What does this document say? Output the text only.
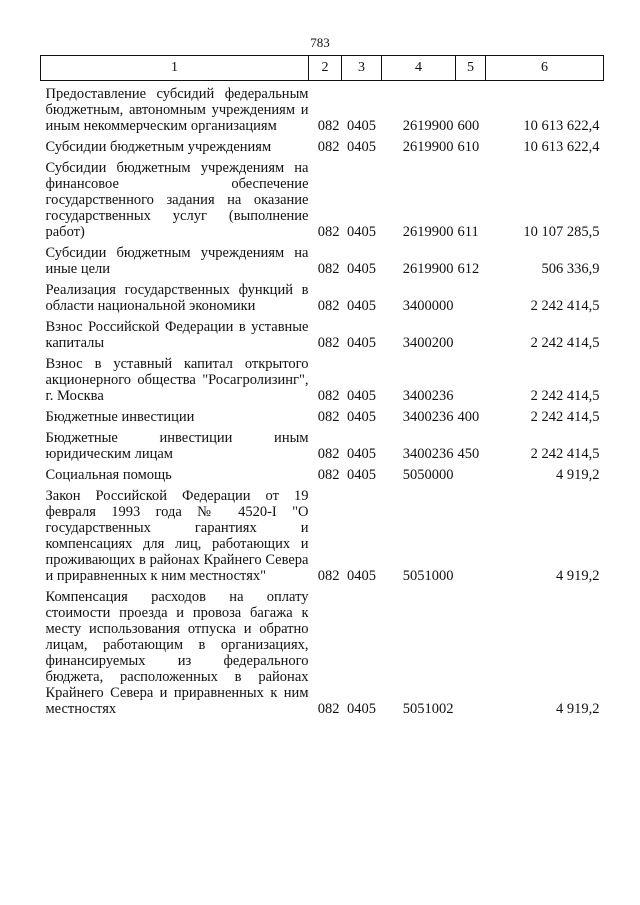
783
1	2	3	4	5	6

Предоставление субсидий федеральным бюджетным, автономным учреждениям и иным некоммерческим организациям	082	0405	2619900	600	10 613 622,4

Субсидии бюджетным учреждениям	082	0405	2619900	610	10 613 622,4

Субсидии бюджетным учреждениям на финансовое обеспечение государственного задания на оказание государственных услуг (выполнение работ)	082	0405	2619900	611	10 107 285,5

Субсидии бюджетным учреждениям на иные цели	082	0405	2619900	612	506 336,9

Реализация государственных функций в области национальной экономики	082	0405	3400000		2 242 414,5

Взнос Российской Федерации в уставные капиталы	082	0405	3400200		2 242 414,5

Взнос в уставный капитал открытого акционерного общества "Росагролизинг", г. Москва	082	0405	3400236		2 242 414,5

Бюджетные инвестиции	082	0405	3400236	400	2 242 414,5

Бюджетные инвестиции иным юридическим лицам	082	0405	3400236	450	2 242 414,5

Социальная помощь	082	0405	5050000		4 919,2

Закон Российской Федерации от 19 февраля 1993 года № 4520-I "О государственных гарантиях и компенсациях для лиц, работающих и проживающих в районах Крайнего Севера и приравненных к ним местностях"	082	0405	5051000		4 919,2

Компенсация расходов на оплату стоимости проезда и провоза багажа к месту использования отпуска и обратно лицам, работающим в организациях, финансируемых из федерального бюджета, расположенных в районах Крайнего Севера и приравненных к ним местностях	082	0405	5051002		4 919,2
